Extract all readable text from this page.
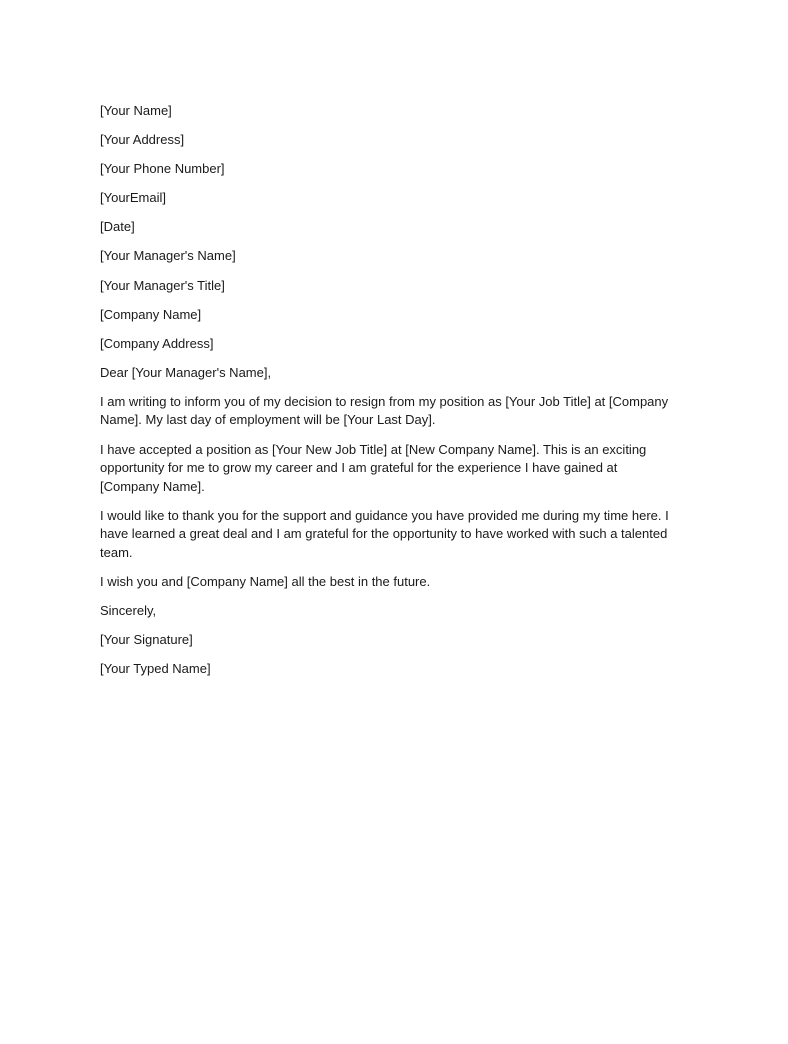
[Your Name]

[Your Address]

[Your Phone Number]

[YourEmail]

[Date]

[Your Manager's Name]

[Your Manager's Title]

[Company Name]

[Company Address]

Dear [Your Manager's Name],

I am writing to inform you of my decision to resign from my position as [Your Job Title] at [Company Name]. My last day of employment will be [Your Last Day].

I have accepted a position as [Your New Job Title] at [New Company Name]. This is an exciting opportunity for me to grow my career and I am grateful for the experience I have gained at [Company Name].

I would like to thank you for the support and guidance you have provided me during my time here. I have learned a great deal and I am grateful for the opportunity to have worked with such a talented team.

I wish you and [Company Name] all the best in the future.

Sincerely,

[Your Signature]

[Your Typed Name]
